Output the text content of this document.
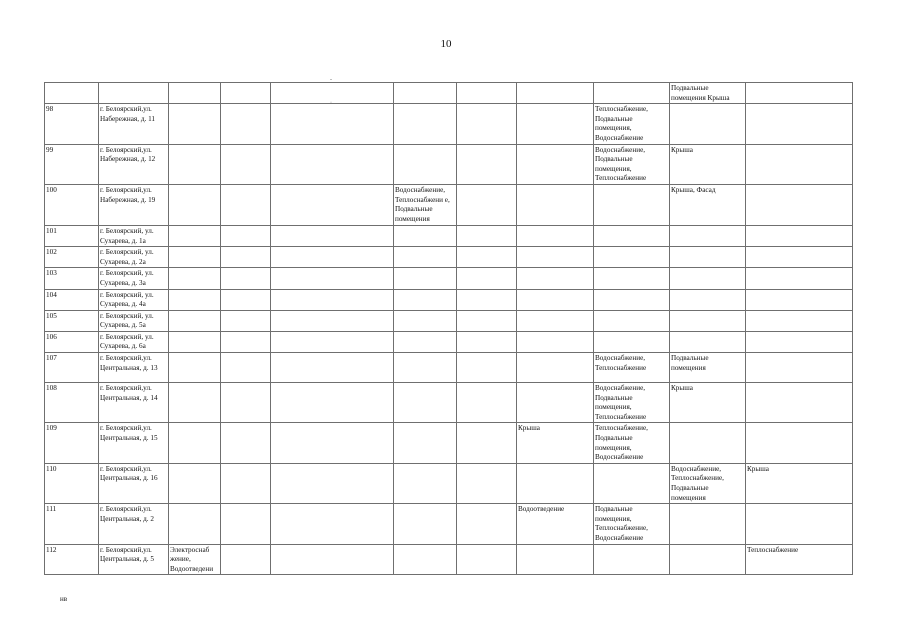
10
-
·
									Подвальные помещения Крыша	
98	г. Белоярский,ул. Набережная, д. 11							Теплоснабжение, Подвальные помещения, Водоснабжение		
99	г. Белоярский,ул. Набережная, д. 12							Водоснабжение, Подвальные помещения, Теплоснабжение	Крыша	
100	г. Белоярский,ул. Набережная, д. 19				Водоснабжение, Теплоснабжени е, Подвальные помещения				Крыша, Фасад	
101	г. Белоярский, ул. Сухарева, д. 1а									
102	г. Белоярский, ул. Сухарева, д. 2а									
103	г. Белоярский, ул. Сухарева, д. 3а									
104	г. Белоярский, ул. Сухарева, д. 4а									
105	г. Белоярский, ул. Сухарева, д. 5а									
106	г. Белоярский, ул. Сухарева, д. 6а									
107	г. Белоярский,ул. Центральная, д. 13							Водоснабжение, Теплоснабжение	Подвальные помещения	
108	г. Белоярский,ул. Центральная, д. 14							Водоснабжение, Подвальные помещения, Теплоснабжение	Крыша	
109	г. Белоярский,ул. Центральная, д. 15						Крыша	Теплоснабжение, Подвальные помещения, Водоснабжение		
110	г. Белоярский,ул. Центральная, д. 16								Водоснабжение, Теплоснабжение, Подвальные помещения	Крыша
111	г. Белоярский,ул. Центральная, д. 2						Водоотведение	Подвальные помещения, Теплоснабжение, Водоснабжение		
112	г. Белоярский,ул. Центральная, д. 5	Электроснаб жение, Водоотведени								Теплоснабжение
нв
